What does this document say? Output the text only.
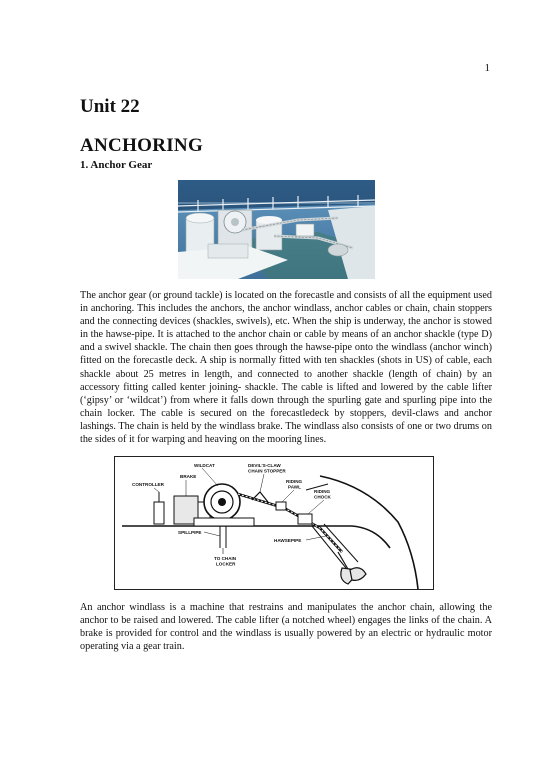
1
Unit 22
ANCHORING
1. Anchor Gear

The anchor gear (or ground tackle) is located on the forecastle and consists of all the equipment used in anchoring. This includes the anchors, the anchor windlass, anchor cables or chain, chain stoppers and the connecting devices (shackles, swivels), etc. When the ship is underway, the anchor is stowed in the hawse-pipe. It is attached to the anchor chain or cable by means of an anchor shackle (type D) and a swivel shackle. The chain then goes through the hawse-pipe onto the windlass (anchor winch) fitted on the forecastle deck. A ship is normally fitted with ten shackles (shots in US) of cable, each shackle about 25 metres in length, and connected to another shackle (length of chain) by an accessory fitting called kenter joining- shackle. The cable is lifted and lowered by the cable lifter (‘gipsy’ or ‘wildcat’) from where it falls down through the spurling gate and spurling pipe into the chain locker. The cable is secured on the forecastledeck by stoppers, devil-claws and anchor lashings. The chain is held by the windlass brake. The windlass also consists of one or two drums on the sides of it for warping and heaving on the mooring lines.

WILDCAT	DEVIL'S-CLAW
CHAIN STOPPER
BRAKE
CONTROLLER
RIDING
PAWL
RIDING
CHOCK
SPILLPIPE
HAWSEPIPE
TO CHAIN
LOCKER

An anchor windlass is a machine that restrains and manipulates the anchor chain, allowing the anchor to be raised and lowered. The cable lifter (a notched wheel) engages the links of the chain. A brake is provided for control and the windlass is usually powered by an electric or hydraulic motor operating via a gear train.
